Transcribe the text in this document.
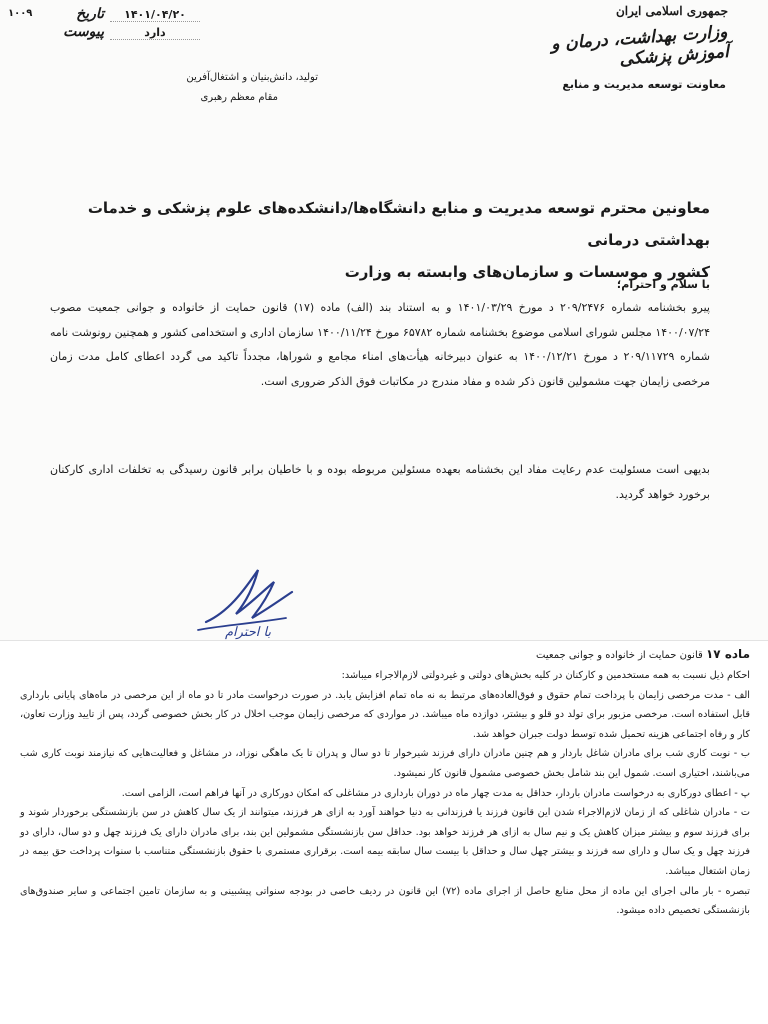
۱۰۰۹	تاریخ	۱۴۰۱/۰۴/۲۰
پیوست	دارد
تولید، دانش‌بنیان و اشتغال‌آفرین
مقام معظم رهبری
جمهوری اسلامی ایران
وزارت بهداشت، درمان و آموزش پزشکی
معاونت توسعه مدیریت و منابع
معاونین محترم توسعه مدیریت و منابع دانشگاه‌ها/دانشکده‌های علوم پزشکی و خدمات بهداشتی درمانی
کشور و موسسات و سازمان‌های وابسته به وزارت
با سلام و احترام؛
پیرو بخشنامه شماره ۲۰۹/۲۴۷۶ د مورخ ۱۴۰۱/۰۳/۲۹ و به استناد بند (الف) ماده (۱۷) قانون حمایت از خانواده و جوانی جمعیت مصوب ۱۴۰۰/۰۷/۲۴ مجلس شورای اسلامی موضوع بخشنامه شماره ۶۵۷۸۲ مورخ ۱۴۰۰/۱۱/۲۴ سازمان اداری و استخدامی کشور و همچنین رونوشت نامه شماره ۲۰۹/۱۱۷۲۹ د مورخ ۱۴۰۰/۱۲/۲۱ به عنوان دبیرخانه هیأت‌های امناء مجامع و شوراها، مجدداً تاکید می گردد اعطای کامل مدت زمان مرخصی زایمان جهت مشمولین قانون ذکر شده و مفاد مندرج در مکاتبات فوق الذکر ضروری است.
بدیهی است مسئولیت عدم رعایت مفاد این بخشنامه بعهده مسئولین مربوطه بوده و با خاطیان برابر قانون رسیدگی به تخلفات اداری کارکنان برخورد خواهد گردید.
با احترام
ماده ۱۷ قانون حمایت از خانواده و جوانی جمعیت

احکام ذیل نسبت به همه مستخدمین و کارکنان در کلیه بخش‌های دولتی و غیردولتی لازم‌الاجراء میباشد:

الف - مدت مرخصی زایمان با پرداخت تمام حقوق و فوق‌العاده‌های مرتبط به نه ماه تمام افزایش یابد. در صورت درخواست مادر تا دو ماه از این مرخصی در ماه‌های پایانی بارداری قابل استفاده است. مرخصی مزبور برای تولد دو قلو و بیشتر، دوازده ماه میباشد. در مواردی که مرخصی زایمان موجب اخلال در کار بخش خصوصی گردد، پس از تایید وزارت تعاون، کار و رفاه اجتماعی هزینه تحمیل شده توسط دولت جبران خواهد شد.

ب - نوبت کاری شب برای مادران شاغل باردار و هم چنین مادران دارای فرزند شیرخوار تا دو سال و پدران تا یک ماهگی نوزاد، در مشاغل و فعالیت‌هایی که نیازمند نوبت کاری شب می‌باشند، اختیاری است. شمول این بند شامل بخش خصوصی مشمول قانون کار نمیشود.

پ - اعطای دورکاری به درخواست مادران باردار، حداقل به مدت چهار ماه در دوران بارداری در مشاغلی که امکان دورکاری در آنها فراهم است، الزامی است.

ت - مادران شاغلی که از زمان لازم‌الاجراء شدن این قانون فرزند یا فرزندانی به دنیا خواهند آورد به ازای هر فرزند، میتوانند از یک سال کاهش در سن بازنشستگی برخوردار شوند و برای فرزند سوم و بیشتر میزان کاهش یک و نیم سال به ازای هر فرزند خواهد بود. حداقل سن بازنشستگی مشمولین این بند، برای مادران دارای یک فرزند چهل و دو سال، دارای دو فرزند چهل و یک سال و دارای سه فرزند و بیشتر چهل سال و حداقل با بیست سال سابقه بیمه است. برقراری مستمری با حقوق بازنشستگی متناسب با سنوات پرداخت حق بیمه در زمان اشتغال میباشد.

تبصره - بار مالی اجرای این ماده از محل منابع حاصل از اجرای ماده (۷۲) این قانون در ردیف خاصی در بودجه سنواتی پیشبینی و به سازمان تامین اجتماعی و سایر صندوق‌های بازنشستگی تخصیص داده میشود.
